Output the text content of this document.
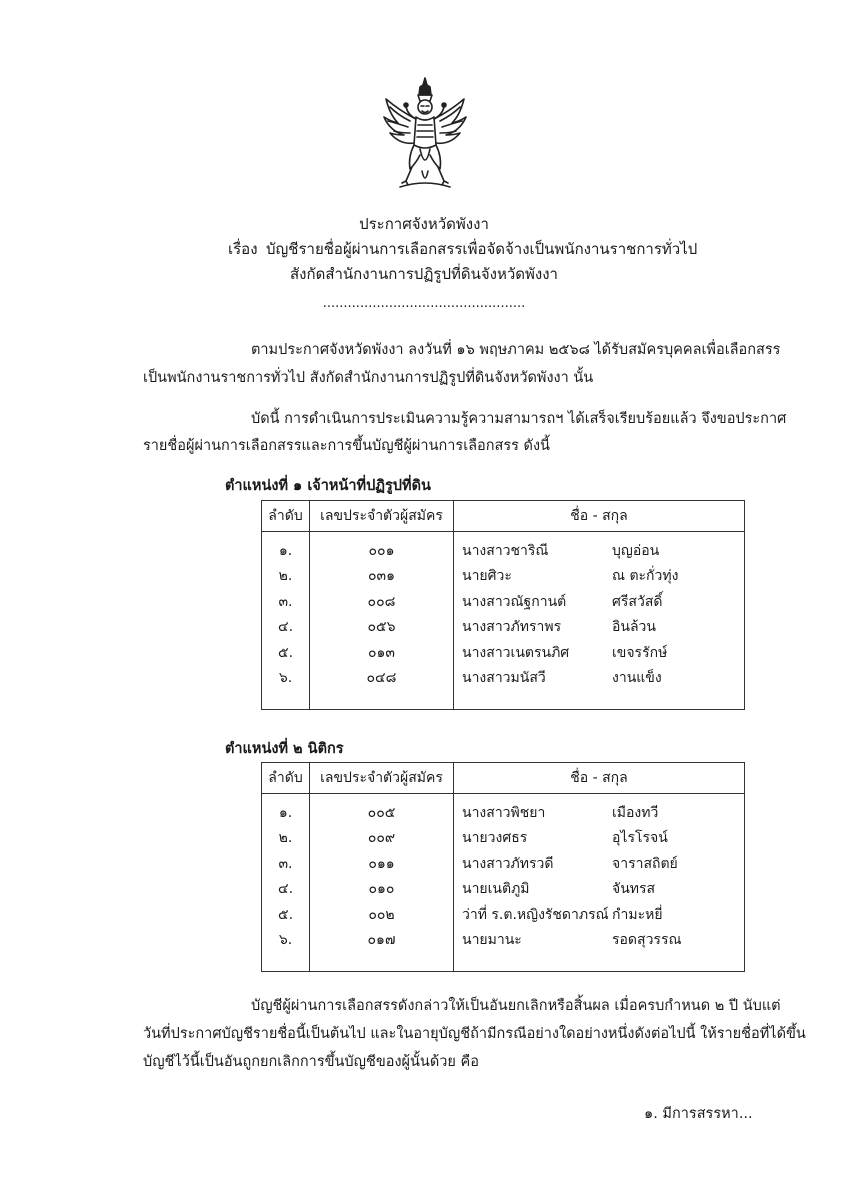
ประกาศจังหวัดพังงา
เรื่อง บัญชีรายชื่อผู้ผ่านการเลือกสรรเพื่อจัดจ้างเป็นพนักงานราชการทั่วไป
สังกัดสำนักงานการปฏิรูปที่ดินจังหวัดพังงา
.................................................
ตามประกาศจังหวัดพังงา ลงวันที่ ๑๖ พฤษภาคม ๒๕๖๘ ได้รับสมัครบุคคลเพื่อเลือกสรร
เป็นพนักงานราชการทั่วไป สังกัดสำนักงานการปฏิรูปที่ดินจังหวัดพังงา นั้น
บัดนี้ การดำเนินการประเมินความรู้ความสามารถฯ ได้เสร็จเรียบร้อยแล้ว จึงขอประกาศ
รายชื่อผู้ผ่านการเลือกสรรและการขึ้นบัญชีผู้ผ่านการเลือกสรร ดังนี้
ตำแหน่งที่ ๑ เจ้าหน้าที่ปฏิรูปที่ดิน
ลำดับ	เลขประจำตัวผู้สมัคร	ชื่อ - สกุล
๑.	๐๐๑	นางสาวชาริณี บุญอ่อน

๒.	๐๓๑	นายศิวะ ณ ตะกั่วทุ่ง

๓.	๐๐๘	นางสาวณัฐกานต์ ศรีสวัสดิ์

๔.	๐๕๖	นางสาวภัทราพร อินล้วน

๕.	๐๑๓	นางสาวเนตรนภิศ เขจรรักษ์

๖.	๐๔๘	นางสาวมนัสวี งานแข็ง
ตำแหน่งที่ ๒ นิติกร
ลำดับ	เลขประจำตัวผู้สมัคร	ชื่อ - สกุล
๑.	๐๐๕	นางสาวพิชยา เมืองทวี

๒.	๐๐๙	นายวงศธร อุไรโรจน์

๓.	๐๑๑	นางสาวภัทรวดี จาราสถิตย์

๔.	๐๑๐	นายเนติภูมิ จันทรส

๕.	๐๐๒	ว่าที่ ร.ต.หญิงรัชดาภรณ์ กำมะหยี่

๖.	๐๑๗	นายมานะ รอดสุวรรณ
บัญชีผู้ผ่านการเลือกสรรดังกล่าวให้เป็นอันยกเลิกหรือสิ้นผล เมื่อครบกำหนด ๒ ปี นับแต่
วันที่ประกาศบัญชีรายชื่อนี้เป็นต้นไป และในอายุบัญชีถ้ามีกรณีอย่างใดอย่างหนึ่งดังต่อไปนี้ ให้รายชื่อที่ได้ขึ้น
บัญชีไว้นี้เป็นอันถูกยกเลิกการขึ้นบัญชีของผู้นั้นด้วย คือ
๑. มีการสรรหา...
